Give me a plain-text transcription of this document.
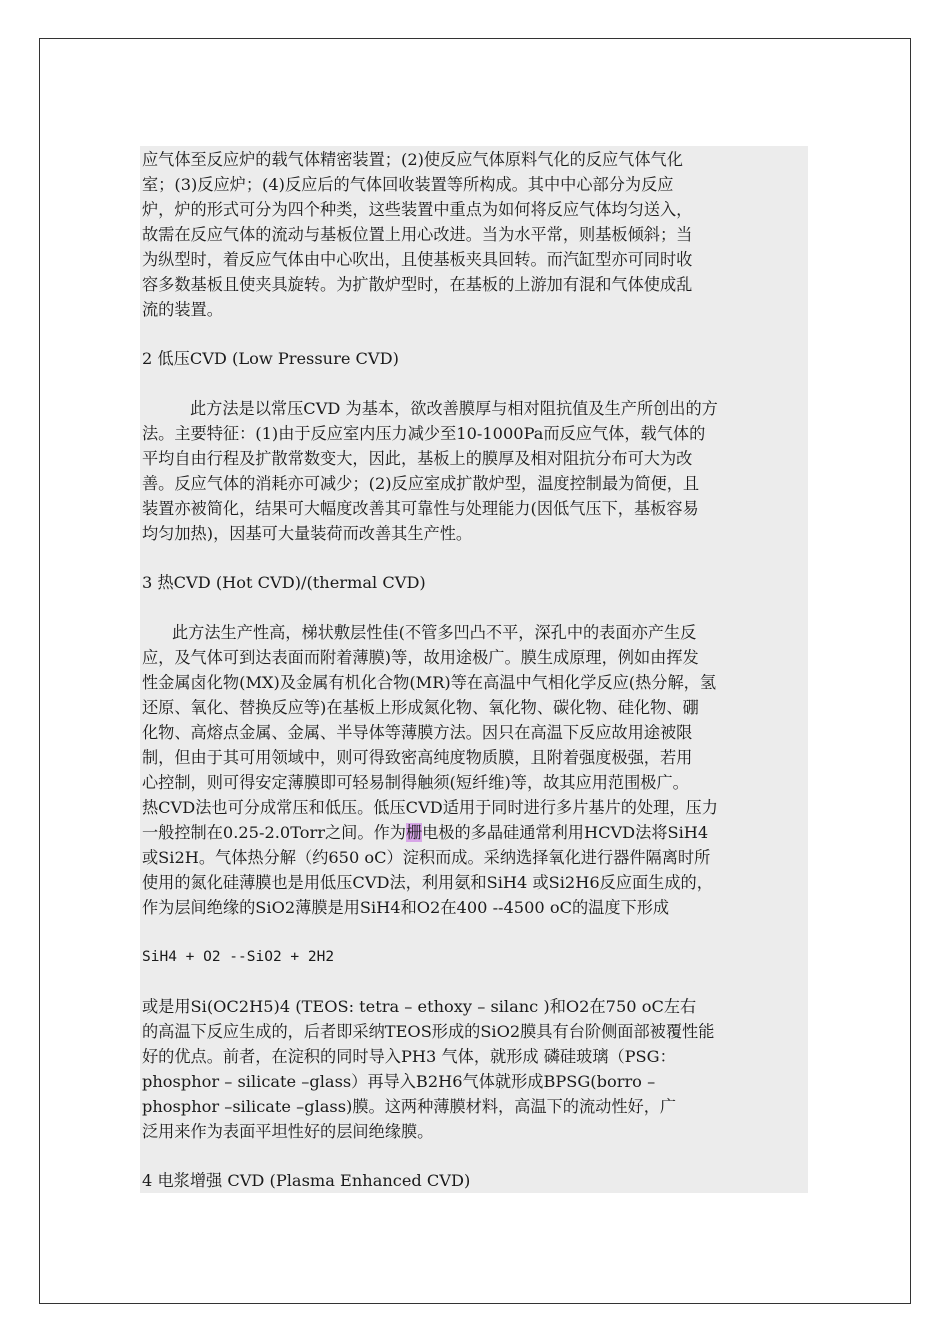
应气体至反应炉的载气体精密装置；(2)使反应气体原料气化的反应气体气化
室；(3)反应炉；(4)反应后的气体回收装置等所构成。其中中心部分为反应
炉，炉的形式可分为四个种类，这些装置中重点为如何将反应气体均匀送入，
故需在反应气体的流动与基板位置上用心改进。当为水平常，则基板倾斜；当
为纵型时，着反应气体由中心吹出，且使基板夹具回转。而汽缸型亦可同时收
容多数基板且使夹具旋转。为扩散炉型时，在基板的上游加有混和气体使成乱
流的装置。
2 低压CVD (Low Pressure CVD)
此方法是以常压CVD 为基本，欲改善膜厚与相对阻抗值及生产所创出的方
法。主要特征：(1)由于反应室内压力减少至10-1000Pa而反应气体，载气体的
平均自由行程及扩散常数变大，因此，基板上的膜厚及相对阻抗分布可大为改
善。反应气体的消耗亦可减少；(2)反应室成扩散炉型，温度控制最为简便，且
装置亦被简化，结果可大幅度改善其可靠性与处理能力(因低气压下，基板容易
均匀加热)，因基可大量装荷而改善其生产性。
3 热CVD (Hot CVD)/(thermal CVD)
此方法生产性高，梯状敷层性佳(不管多凹凸不平，深孔中的表面亦产生反
应，及气体可到达表面而附着薄膜)等，故用途极广。膜生成原理，例如由挥发
性金属卤化物(MX)及金属有机化合物(MR)等在高温中气相化学反应(热分解，氢
还原、氧化、替换反应等)在基板上形成氮化物、氧化物、碳化物、硅化物、硼
化物、高熔点金属、金属、半导体等薄膜方法。因只在高温下反应故用途被限
制，但由于其可用领域中，则可得致密高纯度物质膜，且附着强度极强，若用
心控制，则可得安定薄膜即可轻易制得触须(短纤维)等，故其应用范围极广。
热CVD法也可分成常压和低压。低压CVD适用于同时进行多片基片的处理，压力
一般控制在0.25-2.0Torr之间。作为栅电极的多晶硅通常利用HCVD法将SiH4
或Si2H。气体热分解（约650 oC）淀积而成。采纳选择氧化进行器件隔离时所
使用的氮化硅薄膜也是用低压CVD法，利用氨和SiH4 或Si2H6反应面生成的，
作为层间绝缘的SiO2薄膜是用SiH4和O2在400 --4500 oC的温度下形成
SiH4 + O2 --SiO2 + 2H2
或是用Si(OC2H5)4 (TEOS: tetra – ethoxy – silanc )和O2在750 oC左右
的高温下反应生成的，后者即采纳TEOS形成的SiO2膜具有台阶侧面部被覆性能
好的优点。前者，在淀积的同时导入PH3 气体，就形成 磷硅玻璃（PSG：
phosphor – silicate –glass）再导入B2H6气体就形成BPSG(borro –
phosphor –silicate –glass)膜。这两种薄膜材料，高温下的流动性好，广
泛用来作为表面平坦性好的层间绝缘膜。
4 电浆增强 CVD (Plasma Enhanced CVD)
